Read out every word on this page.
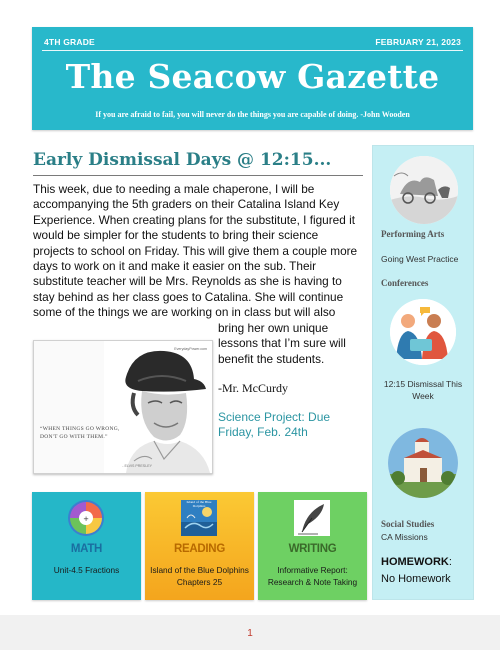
4TH GRADE	FEBRUARY 21, 2023
The Seacow Gazette
If you are afraid to fail, you will never do the things you are capable of doing. -John Wooden
Early Dismissal Days @ 12:15...
This week, due to needing a male chaperone, I will be accompanying the 5th graders on their Catalina Island Key Experience. When creating plans for the substitute, I figured it would be simpler for the students to bring their science projects to school on Friday. This will give them a couple more days to work on it and make it easier on the sub. Their substitute teacher will be Mrs. Reynolds as she is having to stay behind as her class goes to Catalina. She will continue some of the things we are working on in class but will also
bring her own unique lessons that I’m sure will benefit the students.
-Mr. McCurdy
Science Project: Due Friday, Feb. 24th
EverydayPower.com
“WHEN THINGS GO WRONG, DON'T GO WITH THEM.”
- ELVIS PRESLEY
Performing Arts
Going West Practice
Conferences
12:15 Dismissal This Week
Social Studies
CA Missions
HOMEWORK:
No Homework
+
MATH
Unit-4.5 Fractions
Island of the Blue Dolphins
READING
Island of the Blue Dolphins Chapters 25
WRITING
Informative Report: Research & Note Taking
1
